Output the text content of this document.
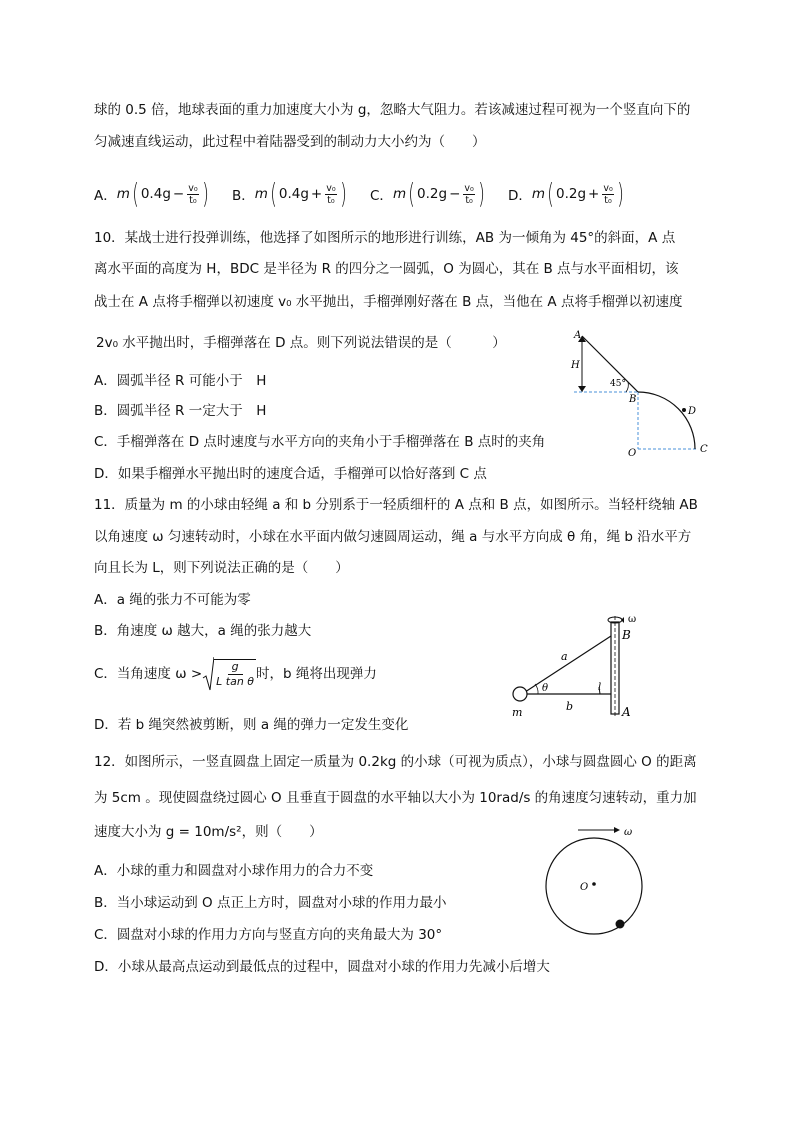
球的 0.5 倍，地球表面的重力加速度大小为 g，忽略大气阻力。若该减速过程可视为一个竖直向下的
匀减速直线运动，此过程中着陆器受到的制动力大小约为（　　）
A． m ( $0.4g - \frac{\text{v₀}}{\text{t₀}}$ ) B． m ( $0.4g + \frac{\text{v₀}}{\text{t₀}}$ ) C． m ( $0.2g - \frac{\text{v₀}}{\text{t₀}}$ ) D． m ( $0.2g + \frac{\text{v₀}}{\text{t₀}}$ )
10．某战士进行投弹训练，他选择了如图所示的地形进行训练，AB 为一倾角为 45°的斜面，A 点
离水平面的高度为 H，BDC 是半径为 R 的四分之一圆弧，O 为圆心，其在 B 点与水平面相切，该
战士在 A 点将手榴弹以初速度 v₀ 水平抛出，手榴弹刚好落在 B 点，当他在 A 点将手榴弹以初速度
2v₀ 水平抛出时，手榴弹落在 D 点。则下列说法错误的是（　　　）
A．圆弧半径 R 可能小于　H
B．圆弧半径 R 一定大于　H
C．手榴弹落在 D 点时速度与水平方向的夹角小于手榴弹落在 B 点时的夹角
D．如果手榴弹水平抛出时的速度合适，手榴弹可以恰好落到 C 点
A
H
45°
B
D
O	C
11．质量为 m 的小球由轻绳 a 和 b 分别系于一轻质细杆的 A 点和 B 点，如图所示。当轻杆绕轴 AB
以角速度 ω 匀速转动时，小球在水平面内做匀速圆周运动，绳 a 与水平方向成 θ 角，绳 b 沿水平方
向且长为 L，则下列说法正确的是（　　）
A．a 绳的张力不可能为零
B．角速度 ω 越大，a 绳的张力越大
C．当角速度 $\omega > \frac{g}{\text{L tan θ}}$ 时，b 绳将出现弹力
D．若 b 绳突然被剪断，则 a 绳的弹力一定发生变化
ω
B
a
θ	l
m	b	A
12．如图所示，一竖直圆盘上固定一质量为 0.2kg 的小球（可视为质点），小球与圆盘圆心 O 的距离
为 5cm 。现使圆盘绕过圆心 O 且垂直于圆盘的水平轴以大小为 10rad/s 的角速度匀速转动，重力加
速度大小为 g = 10m/s²，则（　　）
A．小球的重力和圆盘对小球作用力的合力不变
B．当小球运动到 O 点正上方时，圆盘对小球的作用力最小
C．圆盘对小球的作用力方向与竖直方向的夹角最大为 30°
D．小球从最高点运动到最低点的过程中，圆盘对小球的作用力先减小后增大
ω
O
